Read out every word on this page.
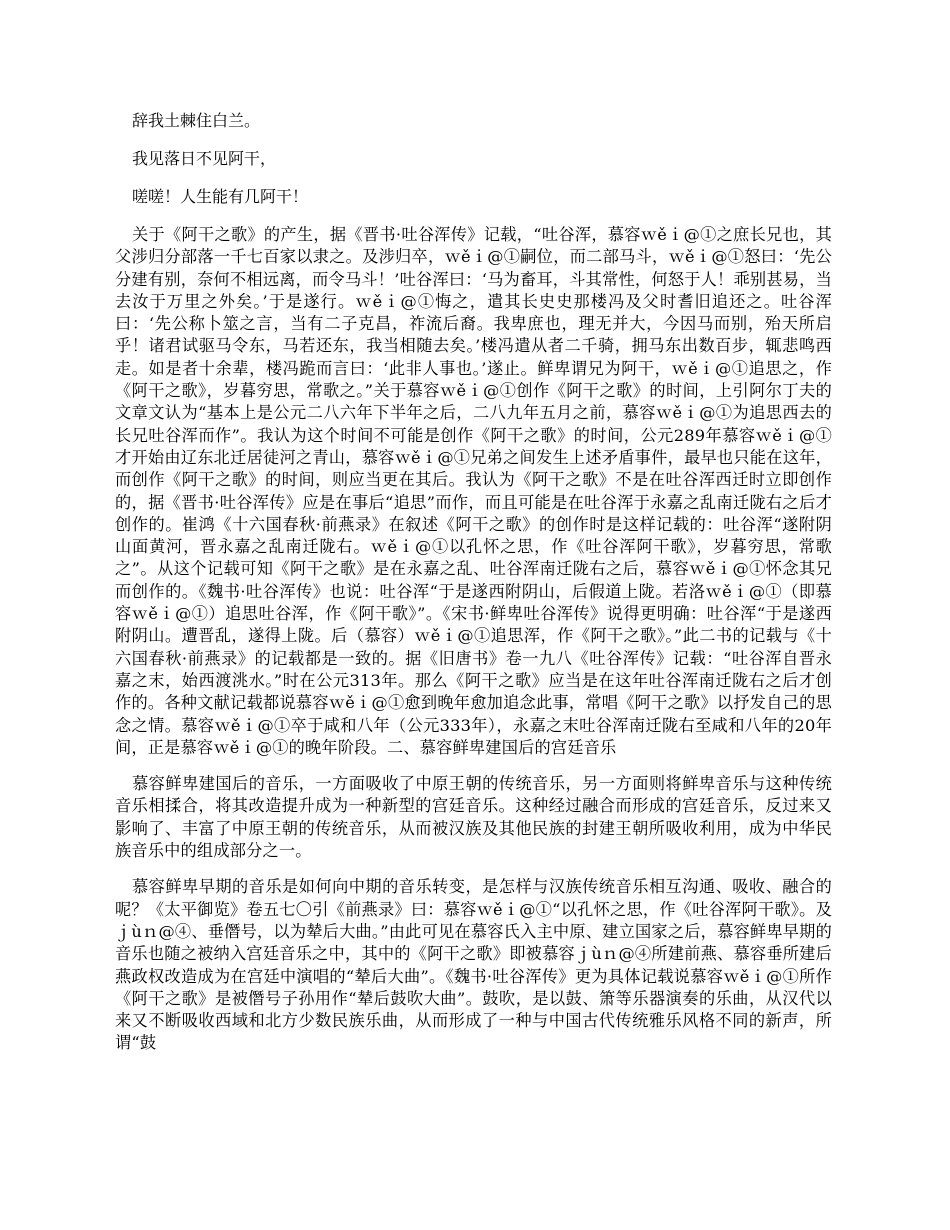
辞我土棘住白兰。

我见落日不见阿干，

嗟嗟！人生能有几阿干！

关于《阿干之歌》的产生，据《晋书·吐谷浑传》记载，“吐谷浑，慕容ｗěｉ@①之庶长兄也，其父涉归分部落一千七百家以隶之。及涉归卒，ｗěｉ@①嗣位，而二部马斗，ｗěｉ@①怒曰：‘先公分建有别，奈何不相远离，而令马斗！’吐谷浑曰：‘马为畜耳，斗其常性，何怒于人！乖别甚易，当去汝于万里之外矣。’于是遂行。ｗěｉ@①悔之，遣其长史史那楼冯及父时耆旧追还之。吐谷浑曰：‘先公称卜筮之言，当有二子克昌，祚流后裔。我卑庶也，理无并大，今因马而别，殆天所启乎！诸君试驱马令东，马若还东，我当相随去矣。’楼冯遣从者二千骑，拥马东出数百步，辄悲鸣西走。如是者十余辈，楼冯跪而言曰：‘此非人事也。’遂止。鲜卑谓兄为阿干，ｗěｉ@①追思之，作《阿干之歌》，岁暮穷思，常歌之。”关于慕容ｗěｉ@①创作《阿干之歌》的时间，上引阿尔丁夫的文章文认为“基本上是公元二八六年下半年之后，二八九年五月之前，慕容ｗěｉ@①为追思西去的长兄吐谷浑而作”。我认为这个时间不可能是创作《阿干之歌》的时间，公元289年慕容ｗěｉ@①才开始由辽东北迁居徒河之青山，慕容ｗěｉ@①兄弟之间发生上述矛盾事件，最早也只能在这年，而创作《阿干之歌》的时间，则应当更在其后。我认为《阿干之歌》不是在吐谷浑西迁时立即创作的，据《晋书·吐谷浑传》应是在事后“追思”而作，而且可能是在吐谷浑于永嘉之乱南迁陇右之后才创作的。崔鸿《十六国春秋·前燕录》在叙述《阿干之歌》的创作时是这样记载的：吐谷浑“遂附阴山面黄河，晋永嘉之乱南迁陇右。ｗěｉ@①以孔怀之思，作《吐谷浑阿干歌》，岁暮穷思，常歌之”。从这个记载可知《阿干之歌》是在永嘉之乱、吐谷浑南迁陇右之后，慕容ｗěｉ@①怀念其兄而创作的。《魏书·吐谷浑传》也说：吐谷浑“于是遂西附阴山，后假道上陇。若洛ｗěｉ@①（即慕容ｗěｉ@①）追思吐谷浑，作《阿干歌》”。《宋书·鲜卑吐谷浑传》说得更明确：吐谷浑“于是遂西附阴山。遭晋乱，遂得上陇。后（慕容）ｗěｉ@①追思浑，作《阿干之歌》。”此二书的记载与《十六国春秋·前燕录》的记载都是一致的。据《旧唐书》卷一九八《吐谷浑传》记载：“吐谷浑自晋永嘉之末，始西渡洮水。”时在公元313年。那么《阿干之歌》应当是在这年吐谷浑南迁陇右之后才创作的。各种文献记载都说慕容ｗěｉ@①愈到晚年愈加追念此事，常唱《阿干之歌》以抒发自己的思念之情。慕容ｗěｉ@①卒于咸和八年（公元333年），永嘉之末吐谷浑南迁陇右至咸和八年的20年间，正是慕容ｗěｉ@①的晚年阶段。二、慕容鲜卑建国后的宫廷音乐

慕容鲜卑建国后的音乐，一方面吸收了中原王朝的传统音乐，另一方面则将鲜卑音乐与这种传统音乐相揉合，将其改造提升成为一种新型的宫廷音乐。这种经过融合而形成的宫廷音乐，反过来又影响了、丰富了中原王朝的传统音乐，从而被汉族及其他民族的封建王朝所吸收利用，成为中华民族音乐中的组成部分之一。

慕容鲜卑早期的音乐是如何向中期的音乐转变，是怎样与汉族传统音乐相互沟通、吸收、融合的呢？《太平御览》卷五七〇引《前燕录》曰：慕容ｗěｉ@①“以孔怀之思，作《吐谷浑阿干歌》。及ｊùｎ@④、垂僭号，以为辇后大曲。”由此可见在慕容氏入主中原、建立国家之后，慕容鲜卑早期的音乐也随之被纳入宫廷音乐之中，其中的《阿干之歌》即被慕容ｊùｎ@④所建前燕、慕容垂所建后燕政权改造成为在宫廷中演唱的“辇后大曲”。《魏书·吐谷浑传》更为具体记载说慕容ｗěｉ@①所作《阿干之歌》是被僭号子孙用作“辇后鼓吹大曲”。鼓吹，是以鼓、箫等乐器演奏的乐曲，从汉代以来又不断吸收西域和北方少数民族乐曲，从而形成了一种与中国古代传统雅乐风格不同的新声，所谓“鼓
